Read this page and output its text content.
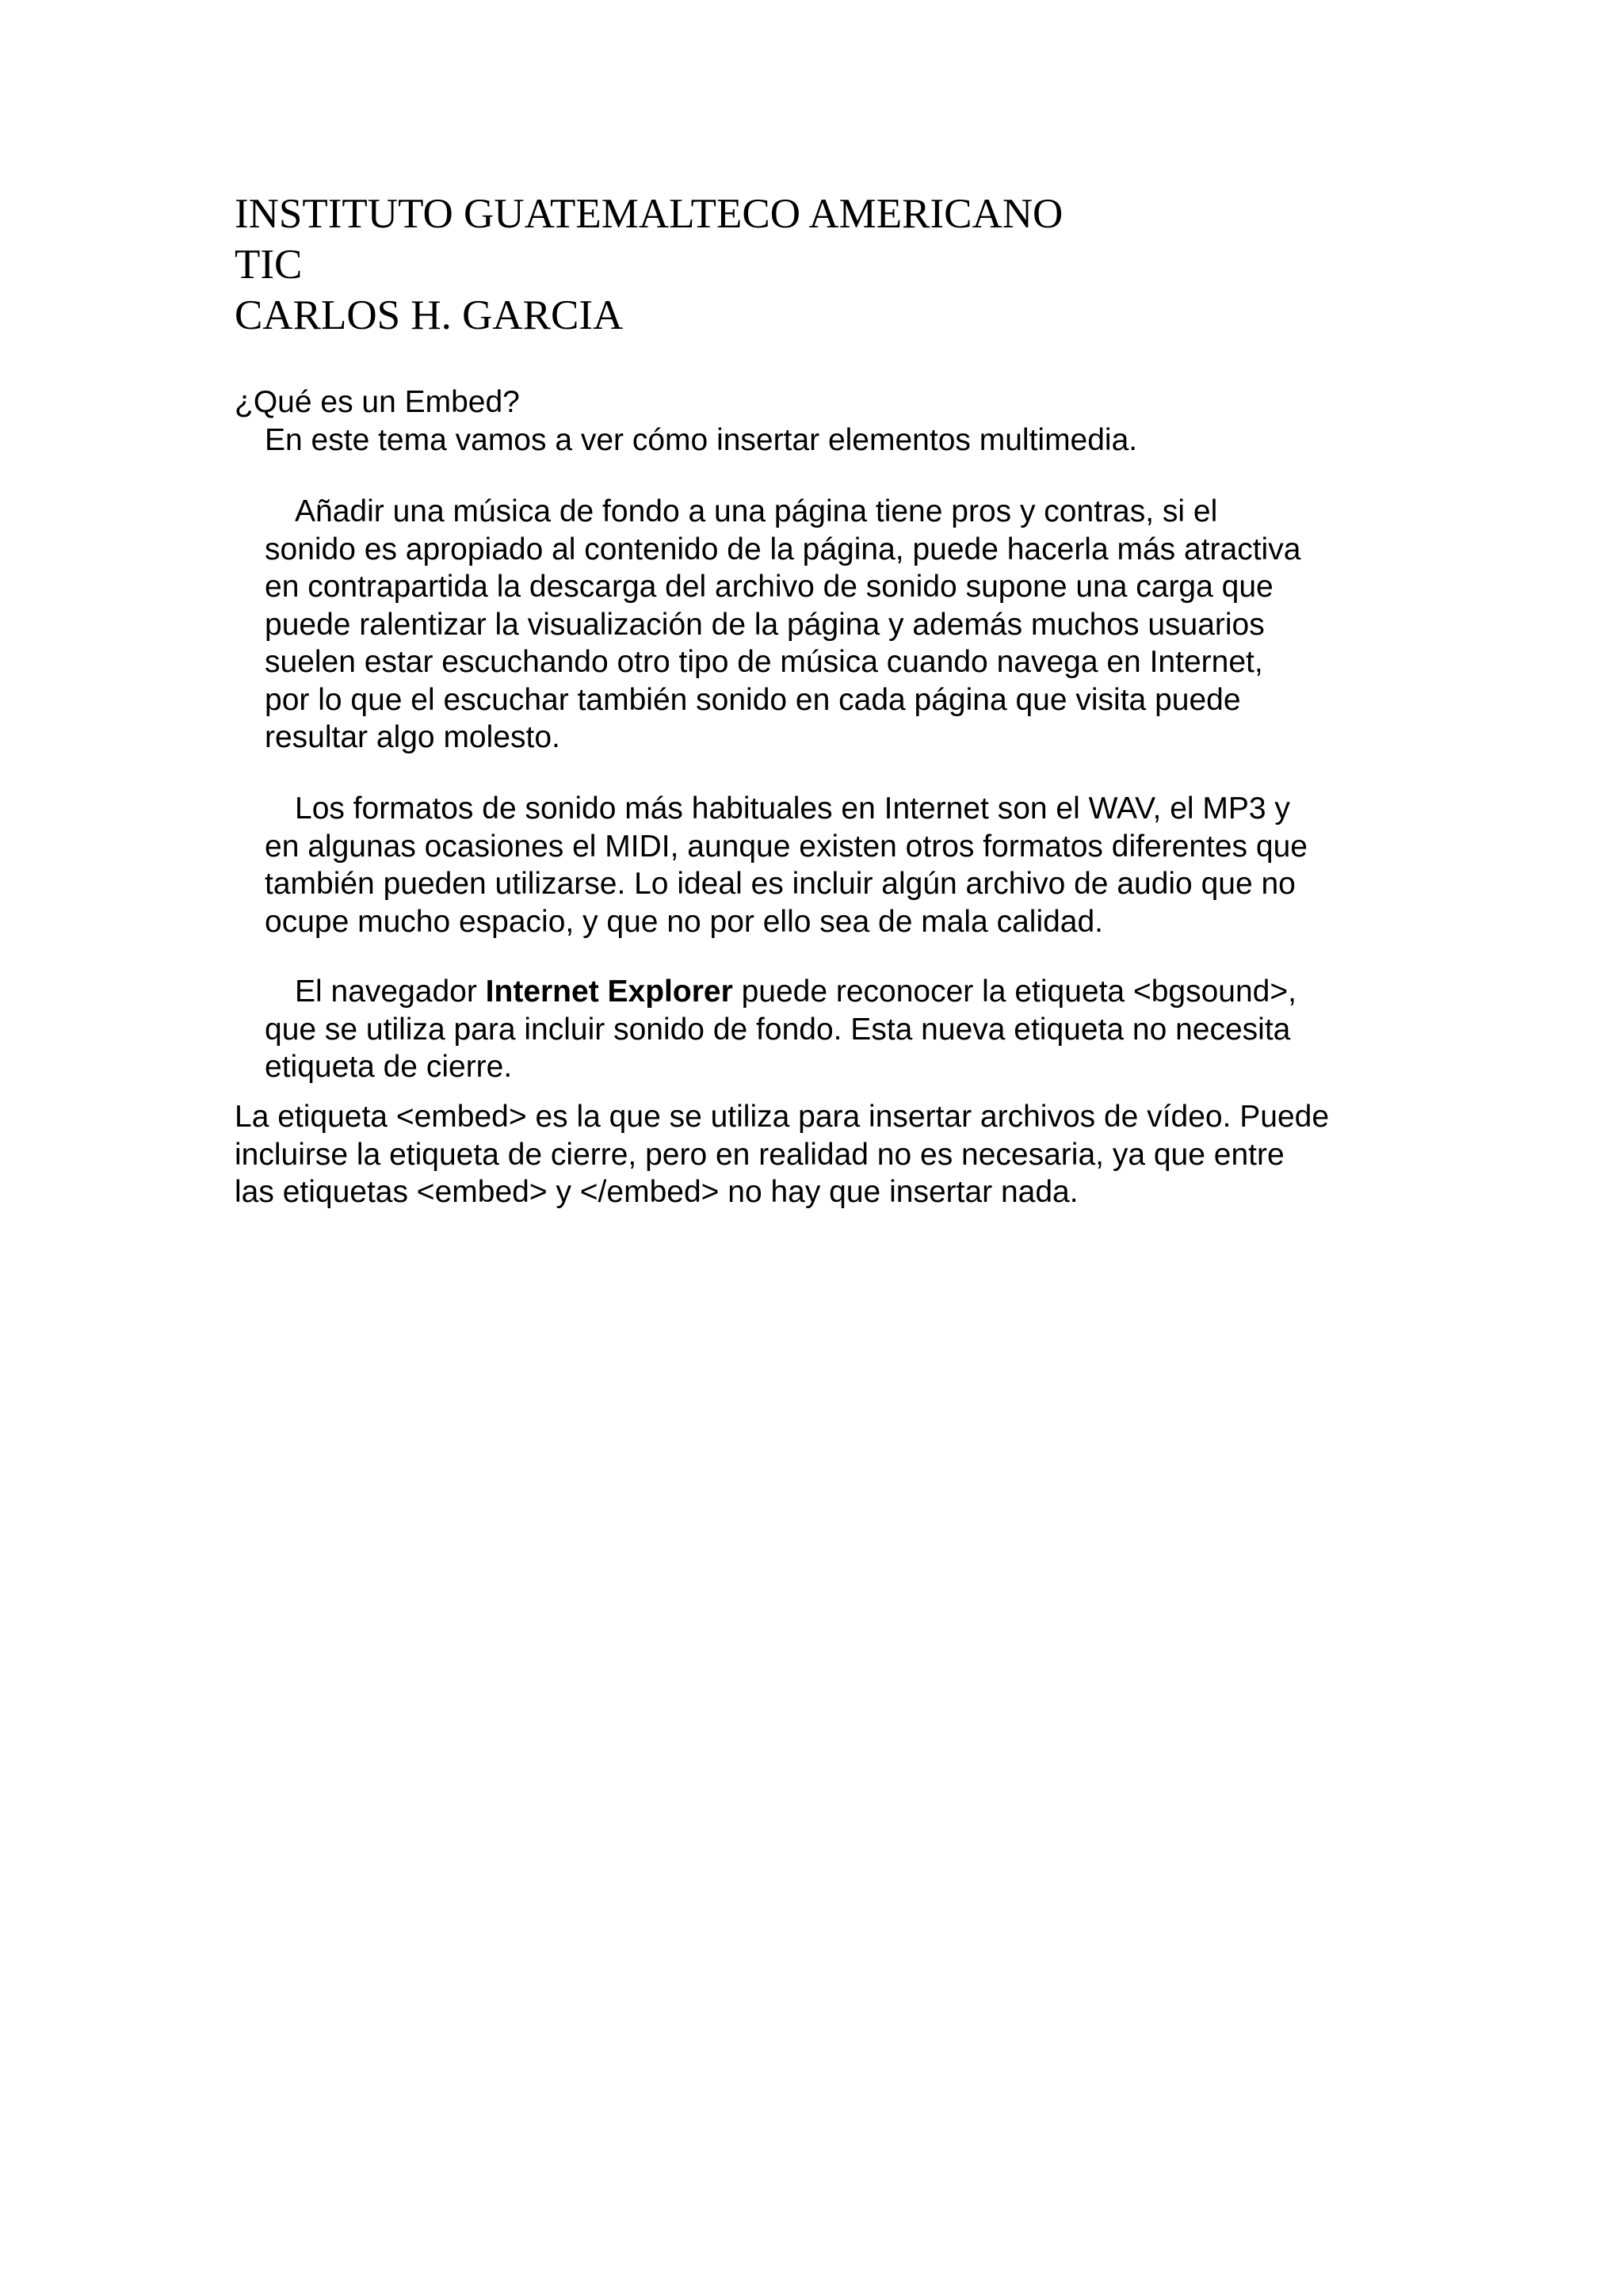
INSTITUTO GUATEMALTECO AMERICANO
TIC
CARLOS H. GARCIA
¿Qué es un Embed?
En este tema vamos a ver cómo insertar elementos multimedia.
Añadir una música de fondo a una página tiene pros y contras, si el
sonido es apropiado al contenido de la página, puede hacerla más atractiva
en contrapartida la descarga del archivo de sonido supone una carga que
puede ralentizar la visualización de la página y además muchos usuarios
suelen estar escuchando otro tipo de música cuando navega en Internet,
por lo que el escuchar también sonido en cada página que visita puede
resultar algo molesto.
Los formatos de sonido más habituales en Internet son el WAV, el MP3 y
en algunas ocasiones el MIDI, aunque existen otros formatos diferentes que
también pueden utilizarse. Lo ideal es incluir algún archivo de audio que no
ocupe mucho espacio, y que no por ello sea de mala calidad.
El navegador Internet Explorer puede reconocer la etiqueta <bgsound>,
que se utiliza para incluir sonido de fondo. Esta nueva etiqueta no necesita
etiqueta de cierre.
La etiqueta <embed> es la que se utiliza para insertar archivos de vídeo. Puede
incluirse la etiqueta de cierre, pero en realidad no es necesaria, ya que entre
las etiquetas <embed> y </embed> no hay que insertar nada.
